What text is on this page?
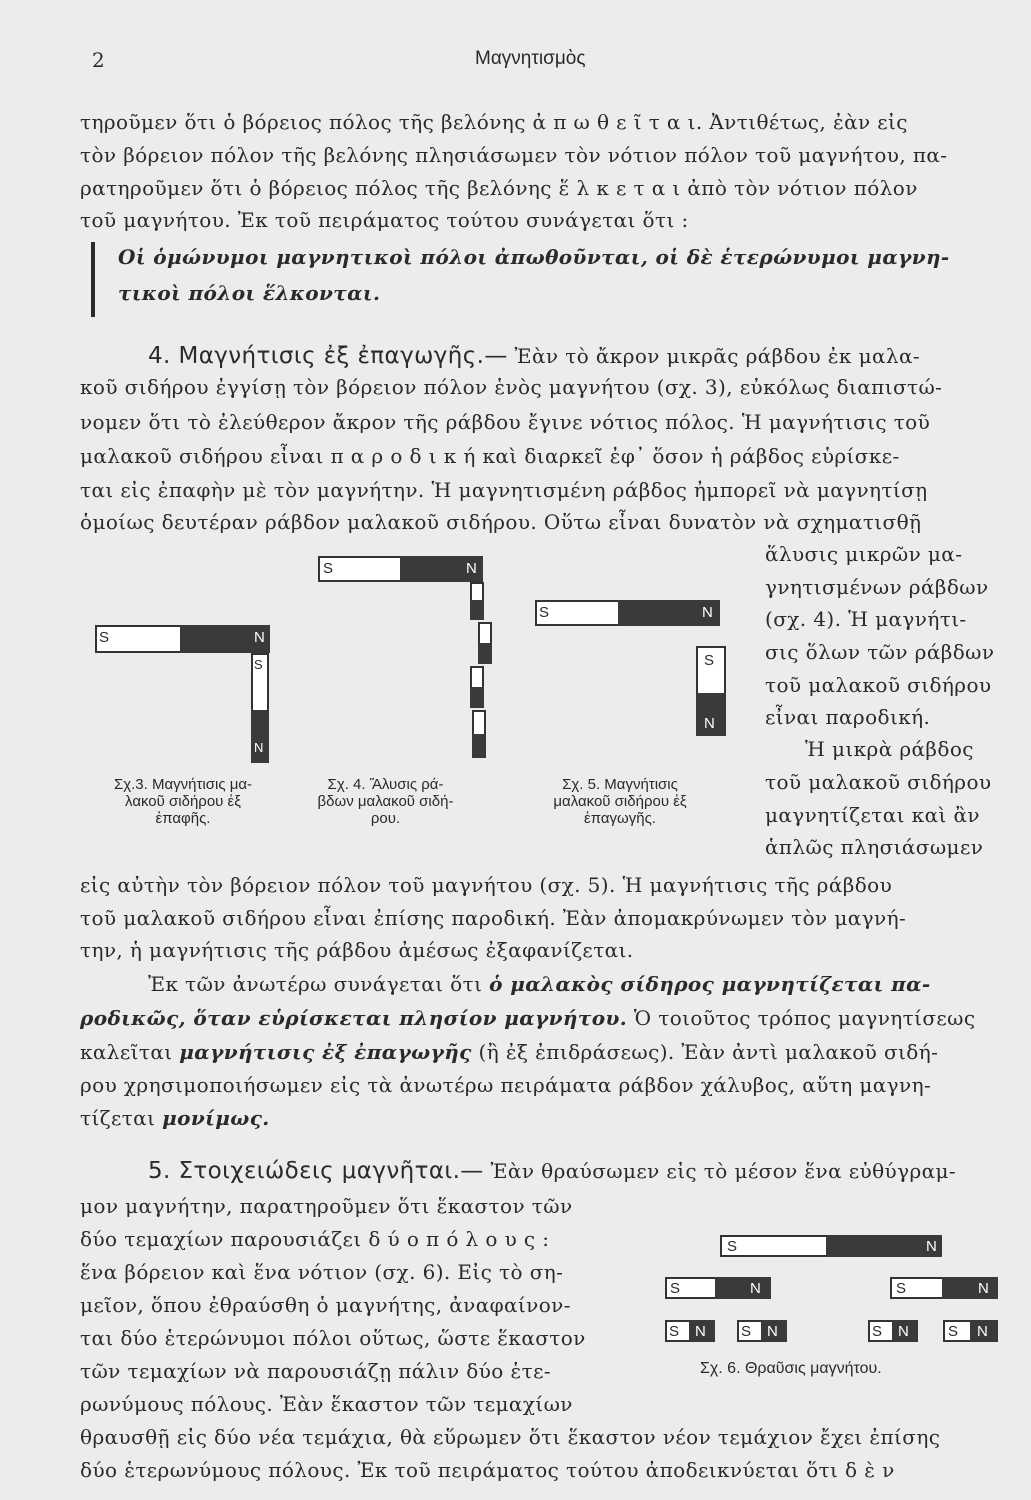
2	Μαγνητισμὸς
τηροῦμεν ὅτι ὁ βόρειος πόλος τῆς βελόνης ἀ π ω θ ε ῖ τ α ι. Ἀντιθέτως, ἐὰν εἰς
τὸν βόρειον πόλον τῆς βελόνης πλησιάσωμεν τὸν νότιον πόλον τοῦ μαγνήτου, πα-
ρατηροῦμεν ὅτι ὁ βόρειος πόλος τῆς βελόνης ἕ λ κ ε τ α ι ἀπὸ τὸν νότιον πόλον
τοῦ μαγνήτου. Ἐκ τοῦ πειράματος τούτου συνάγεται ὅτι :
Οἱ ὁμώνυμοι μαγνητικοὶ πόλοι ἀπωθοῦνται, οἱ δὲ ἑτερώνυμοι μαγνη-
τικοὶ πόλοι ἕλκονται.
4. Μαγνήτισις ἐξ ἐπαγωγῆς.— Ἐὰν τὸ ἄκρον μικρᾶς ράβδου ἐκ μαλα-
κοῦ σιδήρου ἐγγίσῃ τὸν βόρειον πόλον ἑνὸς μαγνήτου (σχ. 3), εὐκόλως διαπιστώ-
νομεν ὅτι τὸ ἐλεύθερον ἄκρον τῆς ράβδου ἔγινε νότιος πόλος. Ἡ μαγνήτισις τοῦ
μαλακοῦ σιδήρου εἶναι π α ρ ο δ ι κ ή καὶ διαρκεῖ ἐφ᾽ ὅσον ἡ ράβδος εὑρίσκε-
ται εἰς ἐπαφὴν μὲ τὸν μαγνήτην. Ἡ μαγνητισμένη ράβδος ἠμπορεῖ νὰ μαγνητίσῃ
ὁμοίως δευτέραν ράβδον μαλακοῦ σιδήρου. Οὕτω εἶναι δυνατὸν νὰ σχηματισθῇ
ἅλυσις μικρῶν μα-
γνητισμένων ράβδων
(σχ. 4). Ἡ μαγνήτι-
σις ὅλων τῶν ράβδων
τοῦ μαλακοῦ σιδήρου
εἶναι παροδική.
Ἡ μικρὰ ράβδος
τοῦ μαλακοῦ σιδήρου
μαγνητίζεται καὶ ἂν
ἁπλῶς πλησιάσωμεν
S	N
S
N
Σχ.3. Μαγνήτισις μα-
λακοῦ σιδήρου ἐξ
ἐπαφῆς.
S	N
Σχ. 4. Ἅλυσις ρά-
βδων μαλακοῦ σιδή-
ρου.
S	N
S
N
Σχ. 5. Μαγνήτισις
μαλακοῦ σιδήρου ἐξ
ἐπαγωγῆς.
εἰς αὐτὴν τὸν βόρειον πόλον τοῦ μαγνήτου (σχ. 5). Ἡ μαγνήτισις τῆς ράβδου
τοῦ μαλακοῦ σιδήρου εἶναι ἐπίσης παροδική. Ἐὰν ἀπομακρύνωμεν τὸν μαγνή-
την, ἡ μαγνήτισις τῆς ράβδου ἀμέσως ἐξαφανίζεται.
Ἐκ τῶν ἀνωτέρω συνάγεται ὅτι ὁ μαλακὸς σίδηρος μαγνητίζεται πα-
ροδικῶς, ὅταν εὑρίσκεται πλησίον μαγνήτου. Ὁ τοιοῦτος τρόπος μαγνητίσεως
καλεῖται μαγνήτισις ἐξ ἐπαγωγῆς (ἢ ἐξ ἐπιδράσεως). Ἐὰν ἀντὶ μαλακοῦ σιδή-
ρου χρησιμοποιήσωμεν εἰς τὰ ἀνωτέρω πειράματα ράβδον χάλυβος, αὕτη μαγνη-
τίζεται μονίμως.
5. Στοιχειώδεις μαγνῆται.— Ἐὰν θραύσωμεν εἰς τὸ μέσον ἕνα εὐθύγραμ-
μον μαγνήτην, παρατηροῦμεν ὅτι ἕκαστον τῶν
δύο τεμαχίων παρουσιάζει δ ύ ο π ό λ ο υ ς :
ἕνα βόρειον καὶ ἕνα νότιον (σχ. 6). Εἰς τὸ ση-
μεῖον, ὅπου ἐθραύσθη ὁ μαγνήτης, ἀναφαίνον-
ται δύο ἑτερώνυμοι πόλοι οὕτως, ὥστε ἕκαστον
τῶν τεμαχίων νὰ παρουσιάζῃ πάλιν δύο ἑτε-
ρωνύμους πόλους. Ἐὰν ἕκαστον τῶν τεμαχίων
θραυσθῇ εἰς δύο νέα τεμάχια, θὰ εὕρωμεν ὅτι ἕκαστον νέον τεμάχιον ἔχει ἐπίσης
δύο ἑτερωνύμους πόλους. Ἐκ τοῦ πειράματος τούτου ἀποδεικνύεται ὅτι δ ὲ ν
S	N
S	N	S	N
S N S N	S N	S N
Σχ. 6. Θραῦσις μαγνήτου.
